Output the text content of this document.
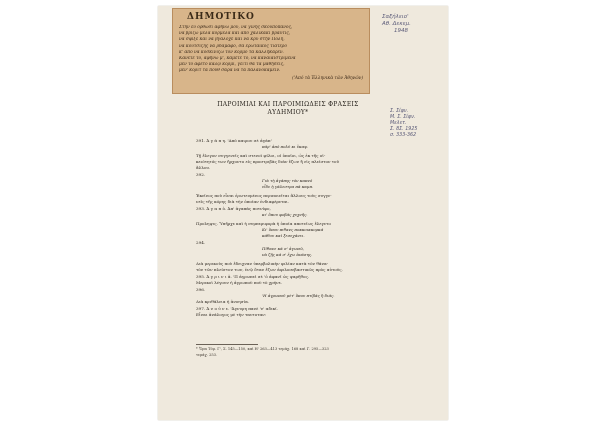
ΔΗΜΟΤΙΚΟ
Στην εὐ ορθώσι ἀφήνω μοῦ, να γίνης σκουπόπανος,
νὰ βρίζω μέλα κόρμελα καὶ ἀπὸ χαλικάκι βραυτὶς,
νὰ σφίξε καὶ νὰ βγάλοχε καὶ να κρυ στὴν Πόλη,
νὰ κουτσίζης νὰ ρδαμαφό, σὰ ἐρωταικὸς τιάτερο
κ' ἀπὸ νὰ κοσκινίζω τὸν κορμὸ τὰ καλλήκαρεν.
Κάνετε το, ἀφήνω μ', κάμετε το, νὰ καναιαιστριμένα
μὲν τὸ αφετὸ καλῷ κορμὶ, γειτὶ θὰ τὰ μαθήσεις,
μὲν' κόριτ τὰ ποὺθ σαρὰ νὰ τὰ παλάνοκάμειν.
('Από τὰ Ἑλληνικὰ τῶν Ἀθηνῶν)
Σαξήλειο'
Αθ. Δεκεμ.
1948
Σ. Σίφν.
Μ. Σ. Σίφν.
Μελετ.
Σ. 8Σ. 1925
σ. 333-362
ΠΑΡΟΙΜΙΑΙ ΚΑΙ ΠΑΡΟΙΜΙΩΔΕΙΣ ΦΡΑΣΕΙΣ
ΑΥΔΗΜΙΟΥ*
391. Ἀ γ ά π η. 'Από καιρου σὲ ἀγάπ'
πάρ' ἀπὸ πολὺ κι ἔκαψ.
Τῇ ἔλεγον συγγενεῖς καὶ στενοὶ φίλοι, οἱ ὁποῖοι, ὡς ἐκ τῆς οἰ-
κειότητός των ἤρχοντο εἰς προστριβὰς διὰν ἔζων ἢ εἰς πλείστον τοῦ
ἄλλου.
392.
Γιὰ τὴ ἀγάπης τὸν καπνό
εἶδε ἡ γάλεστρα πὰ καμπ.
Ἐκεῖνος ποὺ εἶναι ἐρωτευμένος περιποιεῖται ἄλλους τοὺς συγγε-
νεῖς τῆς κόρης διὰ τὴν ὁποίαν ἐνδιαφέρεται.
393. Ἀ γ α π ὁ. Ἀπ' ἀγαπάς ποτνίφο,
κι' ὅπου φοβάς χεχνῆς.
Προληψις. Ὑπῆρχε καὶ ἡ συμπεριφορὰ ἡ ὁποία αποτεῖως ἔλεγετο
Κι' ὅπου πιθανς ποκκοικκορκά
κάθου καὶ ξεσεχάνει.
294.
Πίθανε κά σ' ἀγωπῶ,
νὰ ζῇς κά σ' ἔχω ἀνάσης.
Διὰ μερικοὺς ποὺ ἔδειχναν ὑπερβολικὴν φιλίαν κατὰ τὸν θάνα-
τὸν τῶν πλείστον των, ἐνῷ ὅταν ἔζων ἀφιλοσεβαστικῶς πρὸς αὐτούς.
395. Ἀ γ ρ ι ν ι ἀ. 'Π ἀγρωπεἰ σὲ 'ὁ ἀφανῖ ὡς ψαρῆθος.
Μερικοὶ λέγουν ἡ ἀγρωποὺ ποὺ τὸ χρήνε.
396.
'Η ἀγρωποῦ μέτ' ὅπου πτίβάς ἢ διάς.
Διὰ κριθάλεια ἡ ἀνοησία.
397. Ἀ ν ο ὑ ν ε. 'Ἀγνυρη πανὲ 'ν' αδικί.
Εἶναι ἀνάλογος μὲ τὴν ταυτοταν:
* Ὅρα Τόμ. Γ', Σ. 145—150, καὶ Η' 263—413 τεμάχ. 168 καὶ Γ. 295—323
τεμάχ. 253.
